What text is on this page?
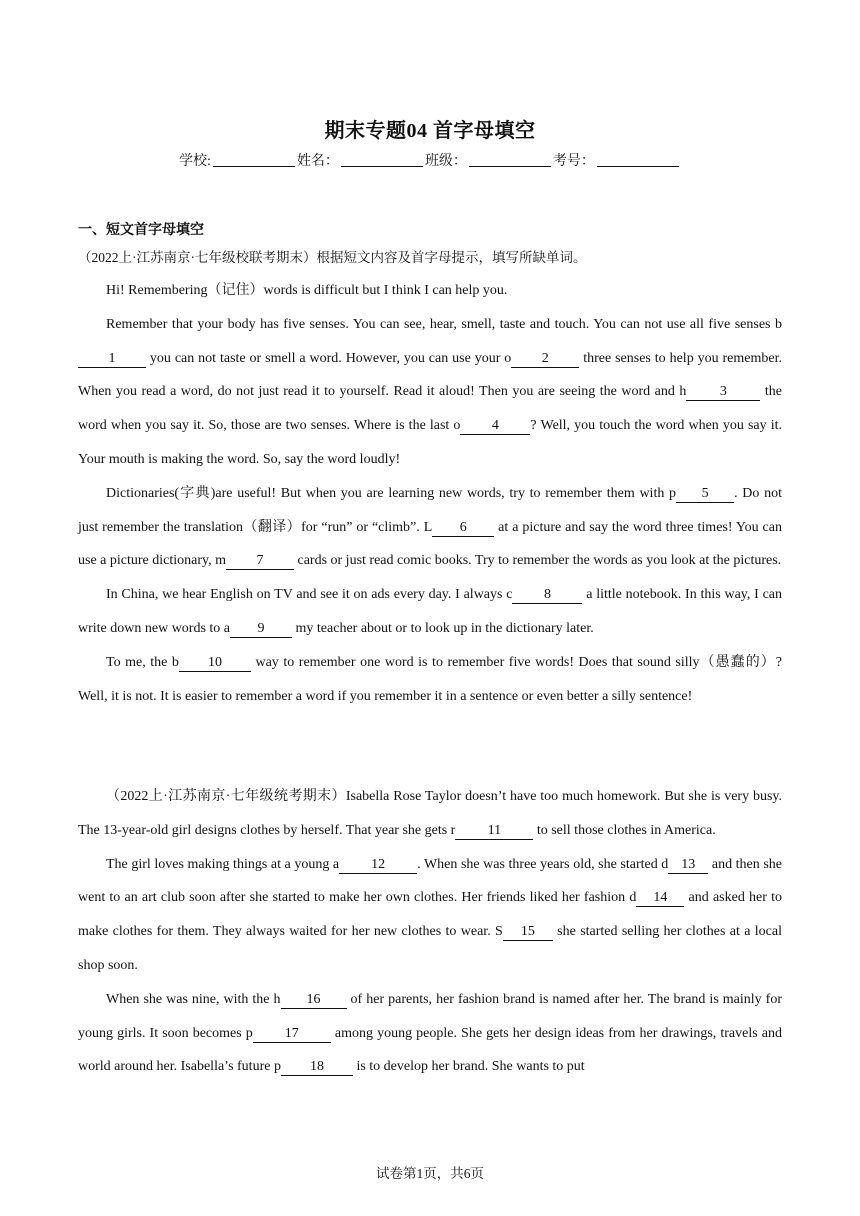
期末专题04 首字母填空
学校:	姓名：	班级：	考号：
一、短文首字母填空
（2022上·江苏南京·七年级校联考期末）根据短文内容及首字母提示，填写所缺单词。

Hi! Remembering（记住）words is difficult but I think I can help you.

Remember that your body has five senses. You can see, hear, smell, taste and touch. You can not use all five senses b1 you can not taste or smell a word. However, you can use your o 2 three senses to help you remember. When you read a word, do not just read it to yourself. Read it aloud! Then you are seeing the word and h 3 the word when you say it. So, those are two senses. Where is the last o 4 ? Well, you touch the word when you say it. Your mouth is making the word. So, say the word loudly!

Dictionaries(字典)are useful! But when you are learning new words, try to remember them with p 5 . Do not just remember the translation（翻译）for “run” or “climb”. L 6 at a picture and say the word three times! You can use a picture dictionary, m 7 cards or just read comic books. Try to remember the words as you look at the pictures.

In China, we hear English on TV and see it on ads every day. I always c 8 a little notebook. In this way, I can write down new words to a 9 my teacher about or to look up in the dictionary later.

To me, the b 10 way to remember one word is to remember five words! Does that sound silly（愚蠢的）? Well, it is not. It is easier to remember a word if you remember it in a sentence or even better a silly sentence!

（2022上·江苏南京·七年级统考期末）Isabella Rose Taylor doesn’t have too much homework. But she is very busy. The 13-year-old girl designs clothes by herself. That year she gets r 11 to sell those clothes in America.

The girl loves making things at a young a 12 . When she was three years old, she started d 13 and then she went to an art club soon after she started to make her own clothes. Her friends liked her fashion d 14 and asked her to make clothes for them. They always waited for her new clothes to wear. S 15 she started selling her clothes at a local shop soon.

When she was nine, with the h 16 of her parents, her fashion brand is named after her. The brand is mainly for young girls. It soon becomes p 17 among young people. She gets her design ideas from her drawings, travels and world around her. Isabella’s future p 18 is to develop her brand. She wants to put

试卷第1页，共6页
